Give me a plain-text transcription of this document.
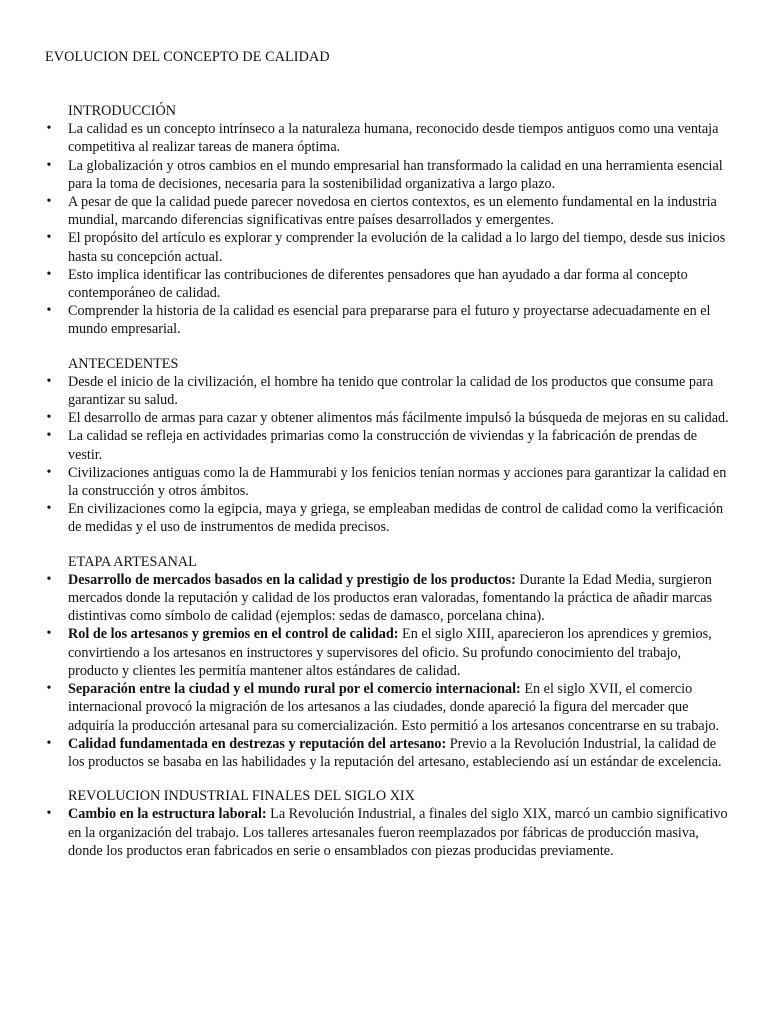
EVOLUCION DEL CONCEPTO DE CALIDAD
INTRODUCCIÓN
• La calidad es un concepto intrínseco a la naturaleza humana, reconocido desde tiempos antiguos como una ventaja competitiva al realizar tareas de manera óptima.
• La globalización y otros cambios en el mundo empresarial han transformado la calidad en una herramienta esencial para la toma de decisiones, necesaria para la sostenibilidad organizativa a largo plazo.
• A pesar de que la calidad puede parecer novedosa en ciertos contextos, es un elemento fundamental en la industria mundial, marcando diferencias significativas entre países desarrollados y emergentes.
• El propósito del artículo es explorar y comprender la evolución de la calidad a lo largo del tiempo, desde sus inicios hasta su concepción actual.
• Esto implica identificar las contribuciones de diferentes pensadores que han ayudado a dar forma al concepto contemporáneo de calidad.
• Comprender la historia de la calidad es esencial para prepararse para el futuro y proyectarse adecuadamente en el mundo empresarial.
ANTECEDENTES
• Desde el inicio de la civilización, el hombre ha tenido que controlar la calidad de los productos que consume para garantizar su salud.
• El desarrollo de armas para cazar y obtener alimentos más fácilmente impulsó la búsqueda de mejoras en su calidad.
• La calidad se refleja en actividades primarias como la construcción de viviendas y la fabricación de prendas de vestir.
• Civilizaciones antiguas como la de Hammurabi y los fenicios tenían normas y acciones para garantizar la calidad en la construcción y otros ámbitos.
• En civilizaciones como la egipcia, maya y griega, se empleaban medidas de control de calidad como la verificación de medidas y el uso de instrumentos de medida precisos.
ETAPA ARTESANAL
• Desarrollo de mercados basados en la calidad y prestigio de los productos: Durante la Edad Media, surgieron mercados donde la reputación y calidad de los productos eran valoradas, fomentando la práctica de añadir marcas distintivas como símbolo de calidad (ejemplos: sedas de damasco, porcelana china).
• Rol de los artesanos y gremios en el control de calidad: En el siglo XIII, aparecieron los aprendices y gremios, convirtiendo a los artesanos en instructores y supervisores del oficio. Su profundo conocimiento del trabajo, producto y clientes les permitía mantener altos estándares de calidad.
• Separación entre la ciudad y el mundo rural por el comercio internacional: En el siglo XVII, el comercio internacional provocó la migración de los artesanos a las ciudades, donde apareció la figura del mercader que adquiría la producción artesanal para su comercialización. Esto permitió a los artesanos concentrarse en su trabajo.
• Calidad fundamentada en destrezas y reputación del artesano: Previo a la Revolución Industrial, la calidad de los productos se basaba en las habilidades y la reputación del artesano, estableciendo así un estándar de excelencia.
REVOLUCION INDUSTRIAL FINALES DEL SIGLO XIX
• Cambio en la estructura laboral: La Revolución Industrial, a finales del siglo XIX, marcó un cambio significativo en la organización del trabajo. Los talleres artesanales fueron reemplazados por fábricas de producción masiva, donde los productos eran fabricados en serie o ensamblados con piezas producidas previamente.
